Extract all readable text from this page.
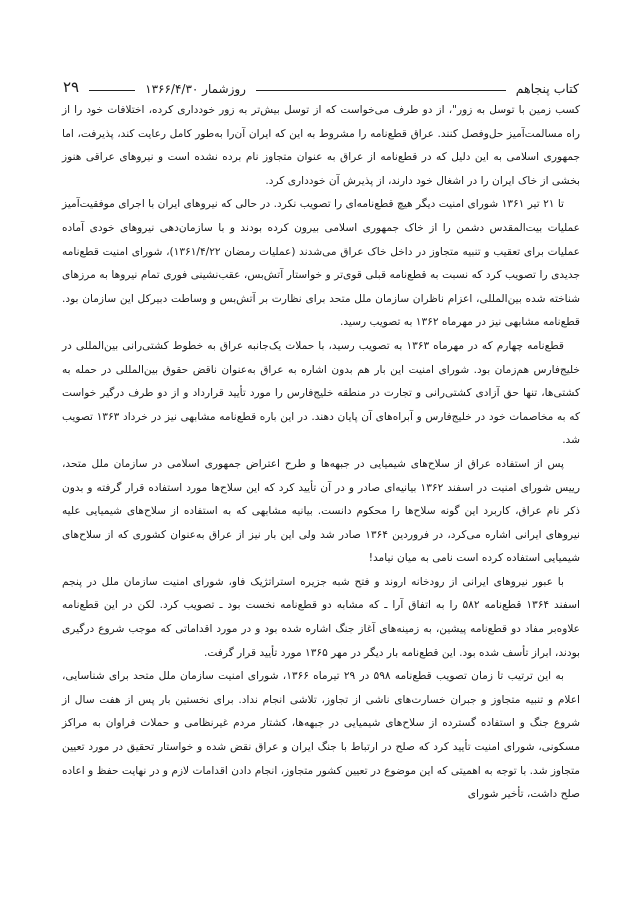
کتاب پنجاهم
روزشمار ۱۳۶۶/۴/۳۰
۲۹

کسب زمین با توسل به زور"، از دو طرف می‌خواست که از توسل بیش‌تر به زور خودداری کرده، اختلافات خود را از راه مسالمت‌آمیز حل‌وفصل کنند. عراق قطع‌نامه را مشروط به این که ایران آن‌را به‌طور کامل رعایت کند، پذیرفت، اما جمهوری اسلامی به این دلیل که در قطع‌نامه از عراق به عنوان متجاوز نام برده نشده است و نیروهای عراقی هنوز بخشی از خاک ایران را در اشغال خود دارند، از پذیرش آن خودداری کرد.

تا ۲۱ تیر ۱۳۶۱ شورای امنیت دیگر هیچ قطع‌نامه‌ای را تصویب نکرد. در حالی که نیروهای ایران با اجرای موفقیت‌آمیز عملیات بیت‌المقدس دشمن را از خاک جمهوری اسلامی بیرون کرده بودند و با سازمان‌دهی نیروهای خودی آماده عملیات برای تعقیب و تنبیه متجاوز در داخل خاک عراق می‌شدند (عملیات رمضان ۱۳۶۱/۴/۲۲)، شورای امنیت قطع‌نامه جدیدی را تصویب کرد که نسبت به قطع‌نامه قبلی قوی‌تر و خواستار آتش‌بس، عقب‌نشینی فوری تمام نیروها به مرزهای شناخته شده بین‌المللی، اعزام ناظران سازمان ملل متحد برای نظارت بر آتش‌بس و وساطت دبیرکل این سازمان بود. قطع‌نامه مشابهی نیز در مهرماه ۱۳۶۲ به تصویب رسید.

قطع‌نامه چهارم که در مهرماه ۱۳۶۳ به تصویب رسید، با حملات یک‌جانبه عراق به خطوط کشتی‌رانی بین‌المللی در خلیج‌فارس هم‌زمان بود. شورای امنیت این بار هم بدون اشاره به عراق به‌عنوان ناقض حقوق بین‌المللی در حمله به کشتی‌ها، تنها حق آزادی کشتی‌رانی و تجارت در منطقه خلیج‌فارس را مورد تأیید قرارداد و از دو طرف درگیر خواست که به مخاصمات خود در خلیج‌فارس و آبراه‌های آن پایان دهند. در این باره قطع‌نامه مشابهی نیز در خرداد ۱۳۶۳ تصویب شد.

پس از استفاده عراق از سلاح‌های شیمیایی در جبهه‌ها و طرح اعتراض جمهوری اسلامی در سازمان ملل متحد، رییس شورای امنیت در اسفند ۱۳۶۲ بیانیه‌ای صادر و در آن تأیید کرد که این سلاح‌ها مورد استفاده قرار گرفته و بدون ذکر نام عراق، کاربرد این گونه سلاح‌ها را محکوم دانست. بیانیه مشابهی که به استفاده از سلاح‌های شیمیایی علیه نیروهای ایرانی اشاره می‌کرد، در فروردین ۱۳۶۴ صادر شد ولی این بار نیز از عراق به‌عنوان کشوری که از سلاح‌های شیمیایی استفاده کرده است نامی به میان نیامد!

با عبور نیروهای ایرانی از رودخانه اروند و فتح شبه جزیره استراتژیک فاو، شورای امنیت سازمان ملل در پنجم اسفند ۱۳۶۴ قطع‌نامه ۵۸۲ را به اتفاق آرا ـ که مشابه دو قطع‌نامه نخست بود ـ تصویب کرد. لکن در این قطع‌نامه علاوه‌بر مفاد دو قطع‌نامه پیشین، به زمینه‌های آغاز جنگ اشاره شده بود و در مورد اقداماتی که موجب شروع درگیری بودند، ابراز تأسف شده بود. این قطع‌نامه بار دیگر در مهر ۱۳۶۵ مورد تأیید قرار گرفت.

به این ترتیب تا زمان تصویب قطع‌نامه ۵۹۸ در ۲۹ تیرماه ۱۳۶۶، شورای امنیت سازمان ملل متحد برای شناسایی، اعلام و تنبیه متجاوز و جبران خسارت‌های ناشی از تجاوز، تلاشی انجام نداد. برای نخستین بار پس از هفت سال از شروع جنگ و استفاده گسترده از سلاح‌های شیمیایی در جبهه‌ها، کشتار مردم غیرنظامی و حملات فراوان به مراکز مسکونی، شورای امنیت تأیید کرد که صلح در ارتباط با جنگ ایران و عراق نقض شده و خواستار تحقیق در مورد تعیین متجاوز شد. با توجه به اهمیتی که این موضوع در تعیین کشور متجاوز، انجام دادن اقدامات لازم و در نهایت حفظ و اعاده صلح داشت، تأخیر شورای
